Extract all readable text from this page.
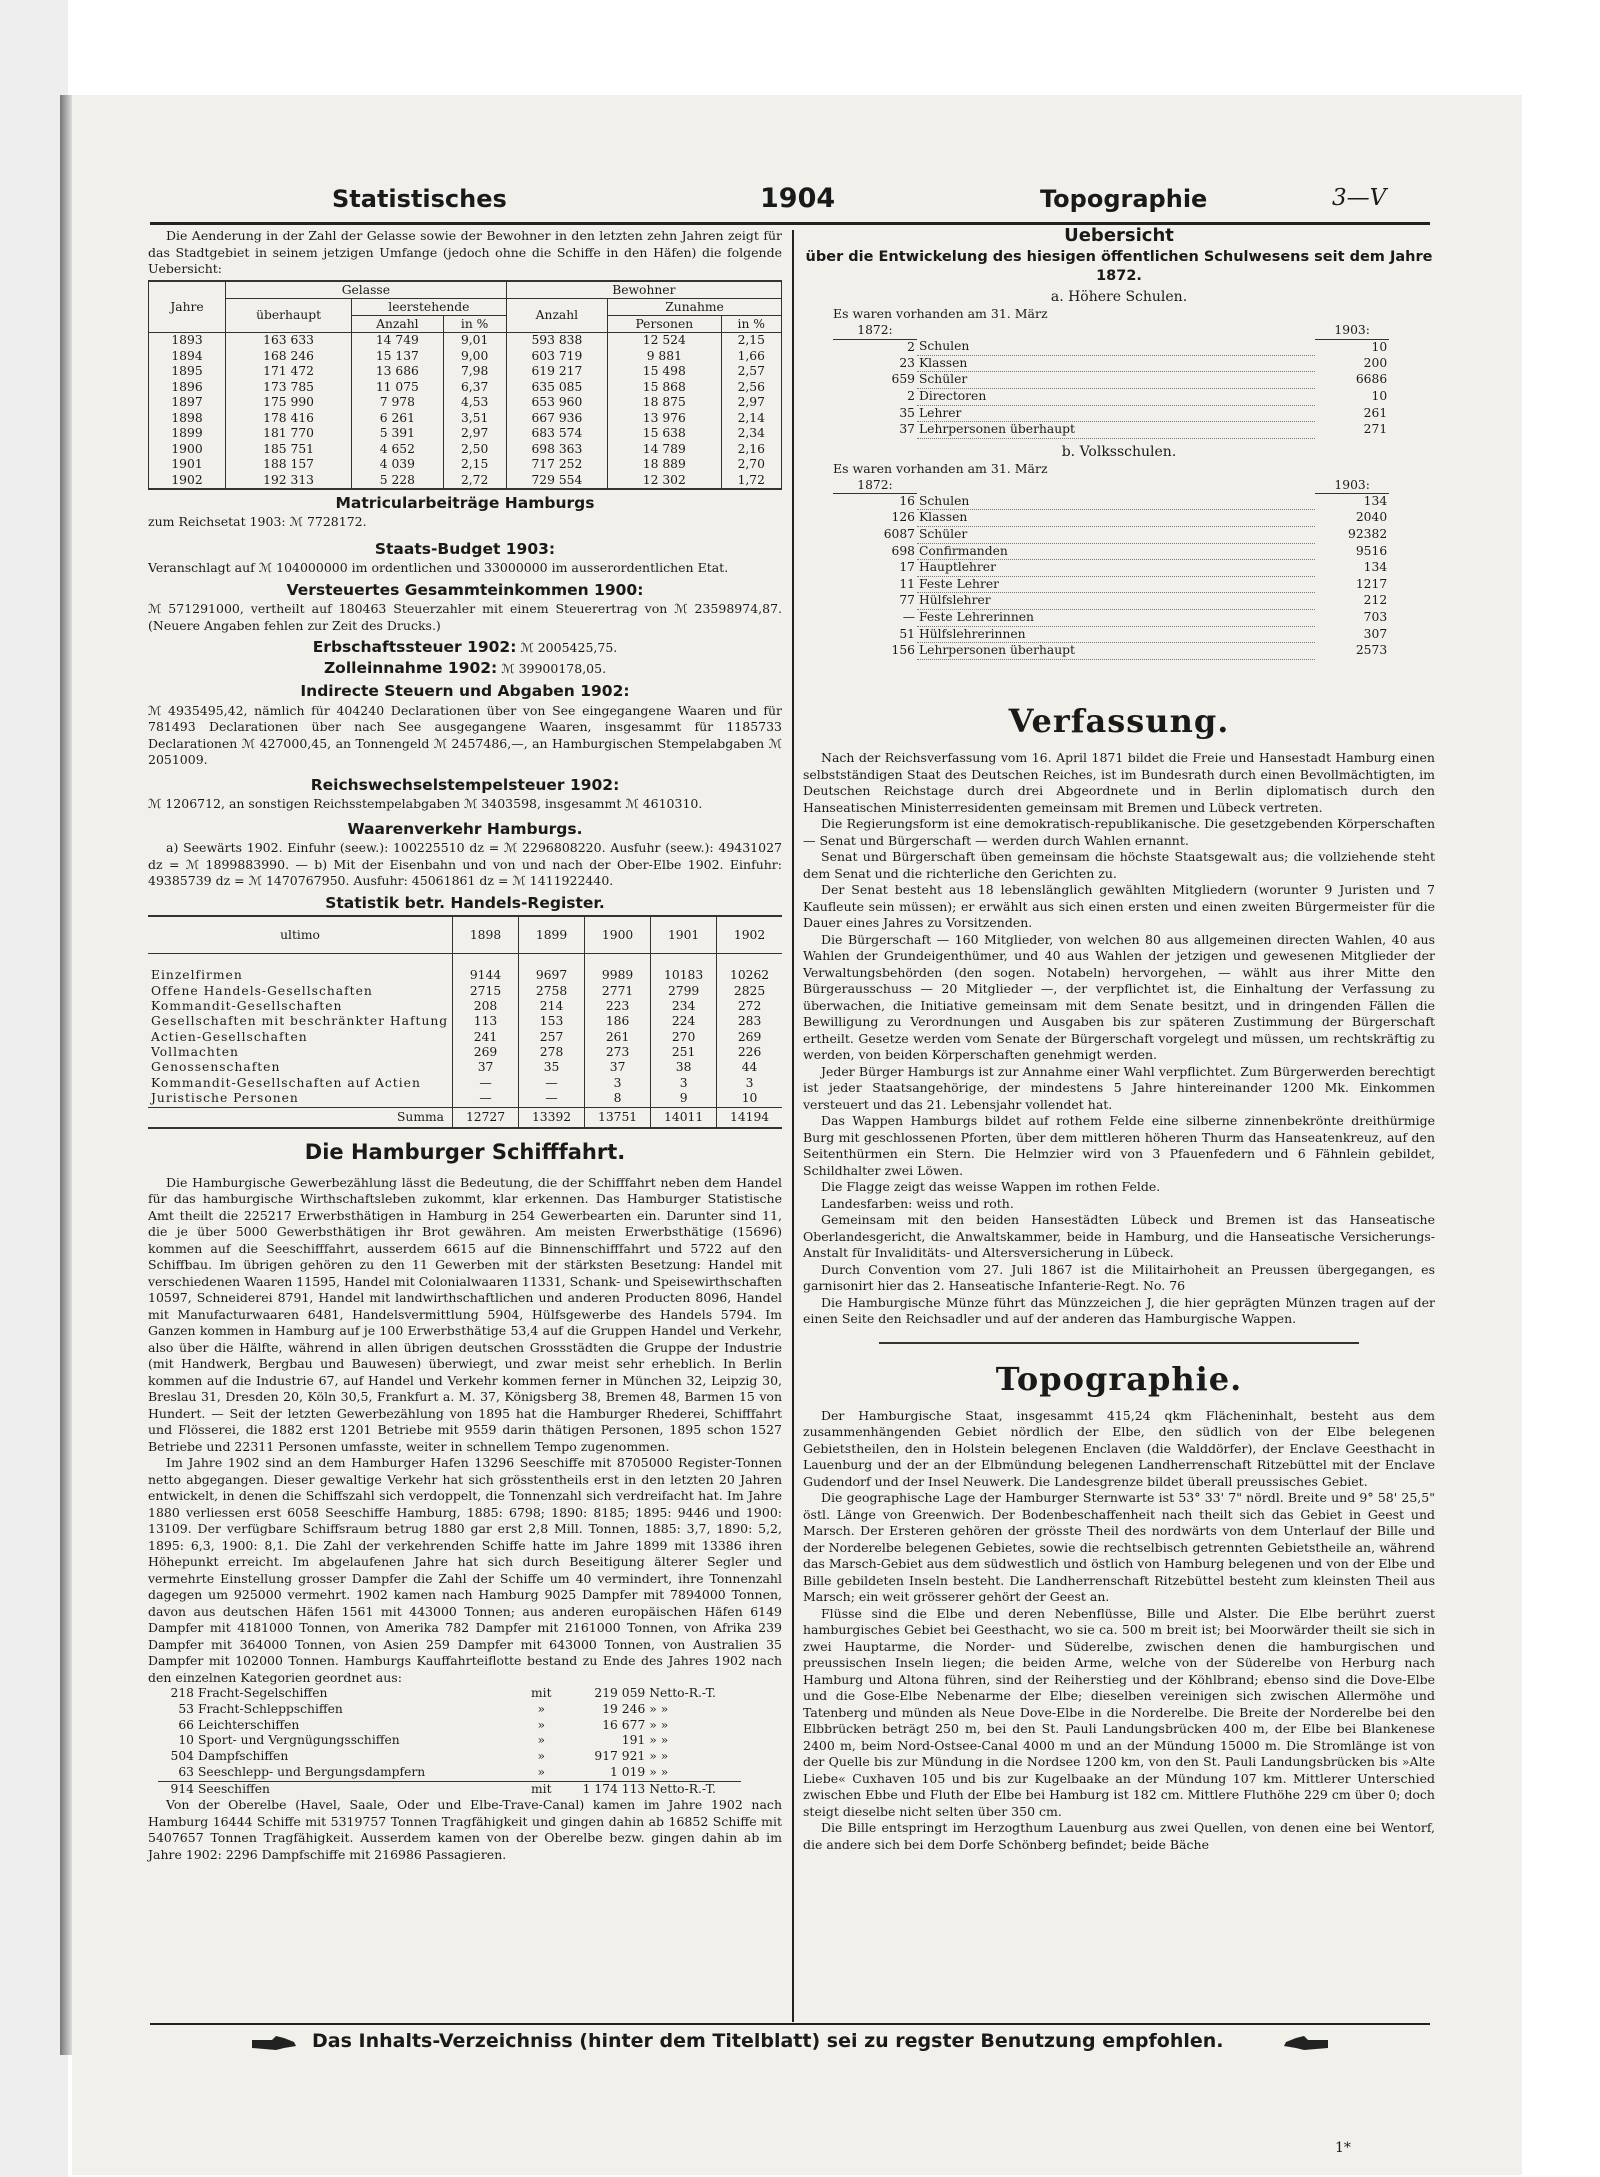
Statistisches	1904	Topographie	3—V

Die Aenderung in der Zahl der Gelasse sowie der Bewohner in den letzten zehn Jahren zeigt für das Stadtgebiet in seinem jetzigen Umfange (jedoch ohne die Schiffe in den Häfen) die folgende Uebersicht:

Jahre	Gelasse			Bewohner		
	überhaupt	leerstehende		Anzahl	Zunahme	
		Anzahl	in %		Personen	in %
1893	163 633	14 749	9,01	593 838	12 524	2,15
1894	168 246	15 137	9,00	603 719	9 881	1,66
1895	171 472	13 686	7,98	619 217	15 498	2,57
1896	173 785	11 075	6,37	635 085	15 868	2,56
1897	175 990	7 978	4,53	653 960	18 875	2,97
1898	178 416	6 261	3,51	667 936	13 976	2,14
1899	181 770	5 391	2,97	683 574	15 638	2,34
1900	185 751	4 652	2,50	698 363	14 789	2,16
1901	188 157	4 039	2,15	717 252	18 889	2,70
1902	192 313	5 228	2,72	729 554	12 302	1,72
Matricularbeiträge Hamburgs

zum Reichsetat 1903: ℳ 7728172.

Staats-Budget 1903:

Veranschlagt auf ℳ 104000000 im ordentlichen und 33000000 im ausserordentlichen Etat.

Versteuertes Gesammteinkommen 1900:

ℳ 571291000, vertheilt auf 180463 Steuerzahler mit einem Steuerertrag von ℳ 23598974,87. (Neuere Angaben fehlen zur Zeit des Drucks.)

Erbschaftssteuer 1902: ℳ 2005425,75.
Zolleinnahme 1902: ℳ 39900178,05.
Indirecte Steuern und Abgaben 1902:

ℳ 4935495,42, nämlich für 404240 Declarationen über von See eingegangene Waaren und für 781493 Declarationen über nach See ausgegangene Waaren, insgesammt für 1185733 Declarationen ℳ 427000,45, an Tonnengeld ℳ 2457486,—, an Hamburgischen Stempelabgaben ℳ 2051009.

Reichswechselstempelsteuer 1902:

ℳ 1206712, an sonstigen Reichsstempelabgaben ℳ 3403598, insgesammt ℳ 4610310.

Waarenverkehr Hamburgs.

a) Seewärts 1902. Einfuhr (seew.): 100225510 dz = ℳ 2296808220. Ausfuhr (seew.): 49431027 dz = ℳ 1899883990. — b) Mit der Eisenbahn und von und nach der Ober-Elbe 1902. Einfuhr: 49385739 dz = ℳ 1470767950. Ausfuhr: 45061861 dz = ℳ 1411922440.

Statistik betr. Handels-Register.
ultimo	1898	1899	1900	1901	1902

Einzelfirmen	9144	9697	9989	10183	10262
Offene Handels-Gesellschaften	2715	2758	2771	2799	2825
Kommandit-Gesellschaften	208	214	223	234	272
Gesellschaften mit beschränkter Haftung	113	153	186	224	283
Actien-Gesellschaften	241	257	261	270	269
Vollmachten	269	278	273	251	226
Genossenschaften	37	35	37	38	44
Kommandit-Gesellschaften auf Actien	—	—	3	3	3
Juristische Personen	—	—	8	9	10
Summa	12727	13392	13751	14011	14194
Die Hamburger Schifffahrt.

Die Hamburgische Gewerbezählung lässt die Bedeutung, die der Schifffahrt neben dem Handel für das hamburgische Wirthschaftsleben zukommt, klar erkennen. Das Hamburger Statistische Amt theilt die 225217 Erwerbsthätigen in Hamburg in 254 Gewerbearten ein. Darunter sind 11, die je über 5000 Gewerbsthätigen ihr Brot gewähren. Am meisten Erwerbsthätige (15696) kommen auf die Seeschifffahrt, ausserdem 6615 auf die Binnenschifffahrt und 5722 auf den Schiffbau. Im übrigen gehören zu den 11 Gewerben mit der stärksten Besetzung: Handel mit verschiedenen Waaren 11595, Handel mit Colonialwaaren 11331, Schank- und Speisewirthschaften 10597, Schneiderei 8791, Handel mit landwirthschaftlichen und anderen Producten 8096, Handel mit Manufacturwaaren 6481, Handelsvermittlung 5904, Hülfsgewerbe des Handels 5794. Im Ganzen kommen in Hamburg auf je 100 Erwerbsthätige 53,4 auf die Gruppen Handel und Verkehr, also über die Hälfte, während in allen übrigen deutschen Grossstädten die Gruppe der Industrie (mit Handwerk, Bergbau und Bauwesen) überwiegt, und zwar meist sehr erheblich. In Berlin kommen auf die Industrie 67, auf Handel und Verkehr kommen ferner in München 32, Leipzig 30, Breslau 31, Dresden 20, Köln 30,5, Frankfurt a. M. 37, Königsberg 38, Bremen 48, Barmen 15 von Hundert. — Seit der letzten Gewerbezählung von 1895 hat die Hamburger Rhederei, Schifffahrt und Flösserei, die 1882 erst 1201 Betriebe mit 9559 darin thätigen Personen, 1895 schon 1527 Betriebe und 22311 Personen umfasste, weiter in schnellem Tempo zugenommen.

Im Jahre 1902 sind an dem Hamburger Hafen 13296 Seeschiffe mit 8705000 Register-Tonnen netto abgegangen. Dieser gewaltige Verkehr hat sich grösstentheils erst in den letzten 20 Jahren entwickelt, in denen die Schiffszahl sich verdoppelt, die Tonnenzahl sich verdreifacht hat. Im Jahre 1880 verliessen erst 6058 Seeschiffe Hamburg, 1885: 6798; 1890: 8185; 1895: 9446 und 1900: 13109. Der verfügbare Schiffsraum betrug 1880 gar erst 2,8 Mill. Tonnen, 1885: 3,7, 1890: 5,2, 1895: 6,3, 1900: 8,1. Die Zahl der verkehrenden Schiffe hatte im Jahre 1899 mit 13386 ihren Höhepunkt erreicht. Im abgelaufenen Jahre hat sich durch Beseitigung älterer Segler und vermehrte Einstellung grosser Dampfer die Zahl der Schiffe um 40 vermindert, ihre Tonnenzahl dagegen um 925000 vermehrt. 1902 kamen nach Hamburg 9025 Dampfer mit 7894000 Tonnen, davon aus deutschen Häfen 1561 mit 443000 Tonnen; aus anderen europäischen Häfen 6149 Dampfer mit 4181000 Tonnen, von Amerika 782 Dampfer mit 2161000 Tonnen, von Afrika 239 Dampfer mit 364000 Tonnen, von Asien 259 Dampfer mit 643000 Tonnen, von Australien 35 Dampfer mit 102000 Tonnen. Hamburgs Kauffahrteiflotte bestand zu Ende des Jahres 1902 nach den einzelnen Kategorien geordnet aus:

218	Fracht-Segelschiffen	mit	219 059	Netto-R.-T.
53	Fracht-Schleppschiffen	»	19 246	» »
66	Leichterschiffen	»	16 677	» »
10	Sport- und Vergnügungsschiffen	»	191	» »
504	Dampfschiffen	»	917 921	» »
63	Seeschlepp- und Bergungsdampfern	»	1 019	» »
914	Seeschiffen	mit	1 174 113	Netto-R.-T.

Von der Oberelbe (Havel, Saale, Oder und Elbe-Trave-Canal) kamen im Jahre 1902 nach Hamburg 16444 Schiffe mit 5319757 Tonnen Tragfähigkeit und gingen dahin ab 16852 Schiffe mit 5407657 Tonnen Tragfähigkeit. Ausserdem kamen von der Oberelbe bezw. gingen dahin ab im Jahre 1902: 2296 Dampfschiffe mit 216986 Passagieren.

Uebersicht
über die Entwickelung des hiesigen öffentlichen Schulwesens seit dem Jahre 1872.
a. Höhere Schulen.

Es waren vorhanden am 31. März

1872:		1903:
2	Schulen	10
23	Klassen	200
659	Schüler	6686
2	Directoren	10
35	Lehrer	261
37	Lehrpersonen überhaupt	271
b. Volksschulen.

Es waren vorhanden am 31. März

1872:		1903:
16	Schulen	134
126	Klassen	2040
6087	Schüler	92382
698	Confirmanden	9516
17	Hauptlehrer	134
11	Feste Lehrer	1217
77	Hülfslehrer	212
—	Feste Lehrerinnen	703
51	Hülfslehrerinnen	307
156	Lehrpersonen überhaupt	2573
Verfassung.

Nach der Reichsverfassung vom 16. April 1871 bildet die Freie und Hansestadt Hamburg einen selbstständigen Staat des Deutschen Reiches, ist im Bundesrath durch einen Bevollmächtigten, im Deutschen Reichstage durch drei Abgeordnete und in Berlin diplomatisch durch den Hanseatischen Ministerresidenten gemeinsam mit Bremen und Lübeck vertreten.

Die Regierungsform ist eine demokratisch-republikanische. Die gesetzgebenden Körperschaften — Senat und Bürgerschaft — werden durch Wahlen ernannt.

Senat und Bürgerschaft üben gemeinsam die höchste Staatsgewalt aus; die vollziehende steht dem Senat und die richterliche den Gerichten zu.

Der Senat besteht aus 18 lebenslänglich gewählten Mitgliedern (worunter 9 Juristen und 7 Kaufleute sein müssen); er erwählt aus sich einen ersten und einen zweiten Bürgermeister für die Dauer eines Jahres zu Vorsitzenden.

Die Bürgerschaft — 160 Mitglieder, von welchen 80 aus allgemeinen directen Wahlen, 40 aus Wahlen der Grundeigenthümer, und 40 aus Wahlen der jetzigen und gewesenen Mitglieder der Verwaltungsbehörden (den sogen. Notabeln) hervorgehen, — wählt aus ihrer Mitte den Bürgerausschuss — 20 Mitglieder —, der verpflichtet ist, die Einhaltung der Verfassung zu überwachen, die Initiative gemeinsam mit dem Senate besitzt, und in dringenden Fällen die Bewilligung zu Verordnungen und Ausgaben bis zur späteren Zustimmung der Bürgerschaft ertheilt. Gesetze werden vom Senate der Bürgerschaft vorgelegt und müssen, um rechtskräftig zu werden, von beiden Körperschaften genehmigt werden.

Jeder Bürger Hamburgs ist zur Annahme einer Wahl verpflichtet. Zum Bürgerwerden berechtigt ist jeder Staatsangehörige, der mindestens 5 Jahre hintereinander 1200 Mk. Einkommen versteuert und das 21. Lebensjahr vollendet hat.

Das Wappen Hamburgs bildet auf rothem Felde eine silberne zinnenbekrönte dreithürmige Burg mit geschlossenen Pforten, über dem mittleren höheren Thurm das Hanseatenkreuz, auf den Seitenthürmen ein Stern. Die Helmzier wird von 3 Pfauenfedern und 6 Fähnlein gebildet, Schildhalter zwei Löwen.

Die Flagge zeigt das weisse Wappen im rothen Felde.

Landesfarben: weiss und roth.

Gemeinsam mit den beiden Hansestädten Lübeck und Bremen ist das Hanseatische Oberlandesgericht, die Anwaltskammer, beide in Hamburg, und die Hanseatische Versicherungs-Anstalt für Invaliditäts- und Altersversicherung in Lübeck.

Durch Convention vom 27. Juli 1867 ist die Militairhoheit an Preussen übergegangen, es garnisonirt hier das 2. Hanseatische Infanterie-Regt. No. 76

Die Hamburgische Münze führt das Münzzeichen J, die hier geprägten Münzen tragen auf der einen Seite den Reichsadler und auf der anderen das Hamburgische Wappen.

Topographie.

Der Hamburgische Staat, insgesammt 415,24 qkm Flächeninhalt, besteht aus dem zusammenhängenden Gebiet nördlich der Elbe, den südlich von der Elbe belegenen Gebietstheilen, den in Holstein belegenen Enclaven (die Walddörfer), der Enclave Geesthacht in Lauenburg und der an der Elbmündung belegenen Landherrenschaft Ritzebüttel mit der Enclave Gudendorf und der Insel Neuwerk. Die Landesgrenze bildet überall preussisches Gebiet.

Die geographische Lage der Hamburger Sternwarte ist 53° 33' 7" nördl. Breite und 9° 58' 25,5" östl. Länge von Greenwich. Der Bodenbeschaffenheit nach theilt sich das Gebiet in Geest und Marsch. Der Ersteren gehören der grösste Theil des nordwärts von dem Unterlauf der Bille und der Norderelbe belegenen Gebietes, sowie die rechtselbisch getrennten Gebietstheile an, während das Marsch-Gebiet aus dem südwestlich und östlich von Hamburg belegenen und von der Elbe und Bille gebildeten Inseln besteht. Die Landherrenschaft Ritzebüttel besteht zum kleinsten Theil aus Marsch; ein weit grösserer gehört der Geest an.

Flüsse sind die Elbe und deren Nebenflüsse, Bille und Alster. Die Elbe berührt zuerst hamburgisches Gebiet bei Geesthacht, wo sie ca. 500 m breit ist; bei Moorwärder theilt sie sich in zwei Hauptarme, die Norder- und Süderelbe, zwischen denen die hamburgischen und preussischen Inseln liegen; die beiden Arme, welche von der Süderelbe von Herburg nach Hamburg und Altona führen, sind der Reiherstieg und der Köhlbrand; ebenso sind die Dove-Elbe und die Gose-Elbe Nebenarme der Elbe; dieselben vereinigen sich zwischen Allermöhe und Tatenberg und münden als Neue Dove-Elbe in die Norderelbe. Die Breite der Norderelbe bei den Elbbrücken beträgt 250 m, bei den St. Pauli Landungsbrücken 400 m, der Elbe bei Blankenese 2400 m, beim Nord-Ostsee-Canal 4000 m und an der Mündung 15000 m. Die Stromlänge ist von der Quelle bis zur Mündung in die Nordsee 1200 km, von den St. Pauli Landungsbrücken bis »Alte Liebe« Cuxhaven 105 und bis zur Kugelbaake an der Mündung 107 km. Mittlerer Unterschied zwischen Ebbe und Fluth der Elbe bei Hamburg ist 182 cm. Mittlere Fluthöhe 229 cm über 0; doch steigt dieselbe nicht selten über 350 cm.

Die Bille entspringt im Herzogthum Lauenburg aus zwei Quellen, von denen eine bei Wentorf, die andere sich bei dem Dorfe Schönberg befindet; beide Bäche

Das Inhalts-Verzeichniss (hinter dem Titelblatt) sei zu regster Benutzung empfohlen.
1*
